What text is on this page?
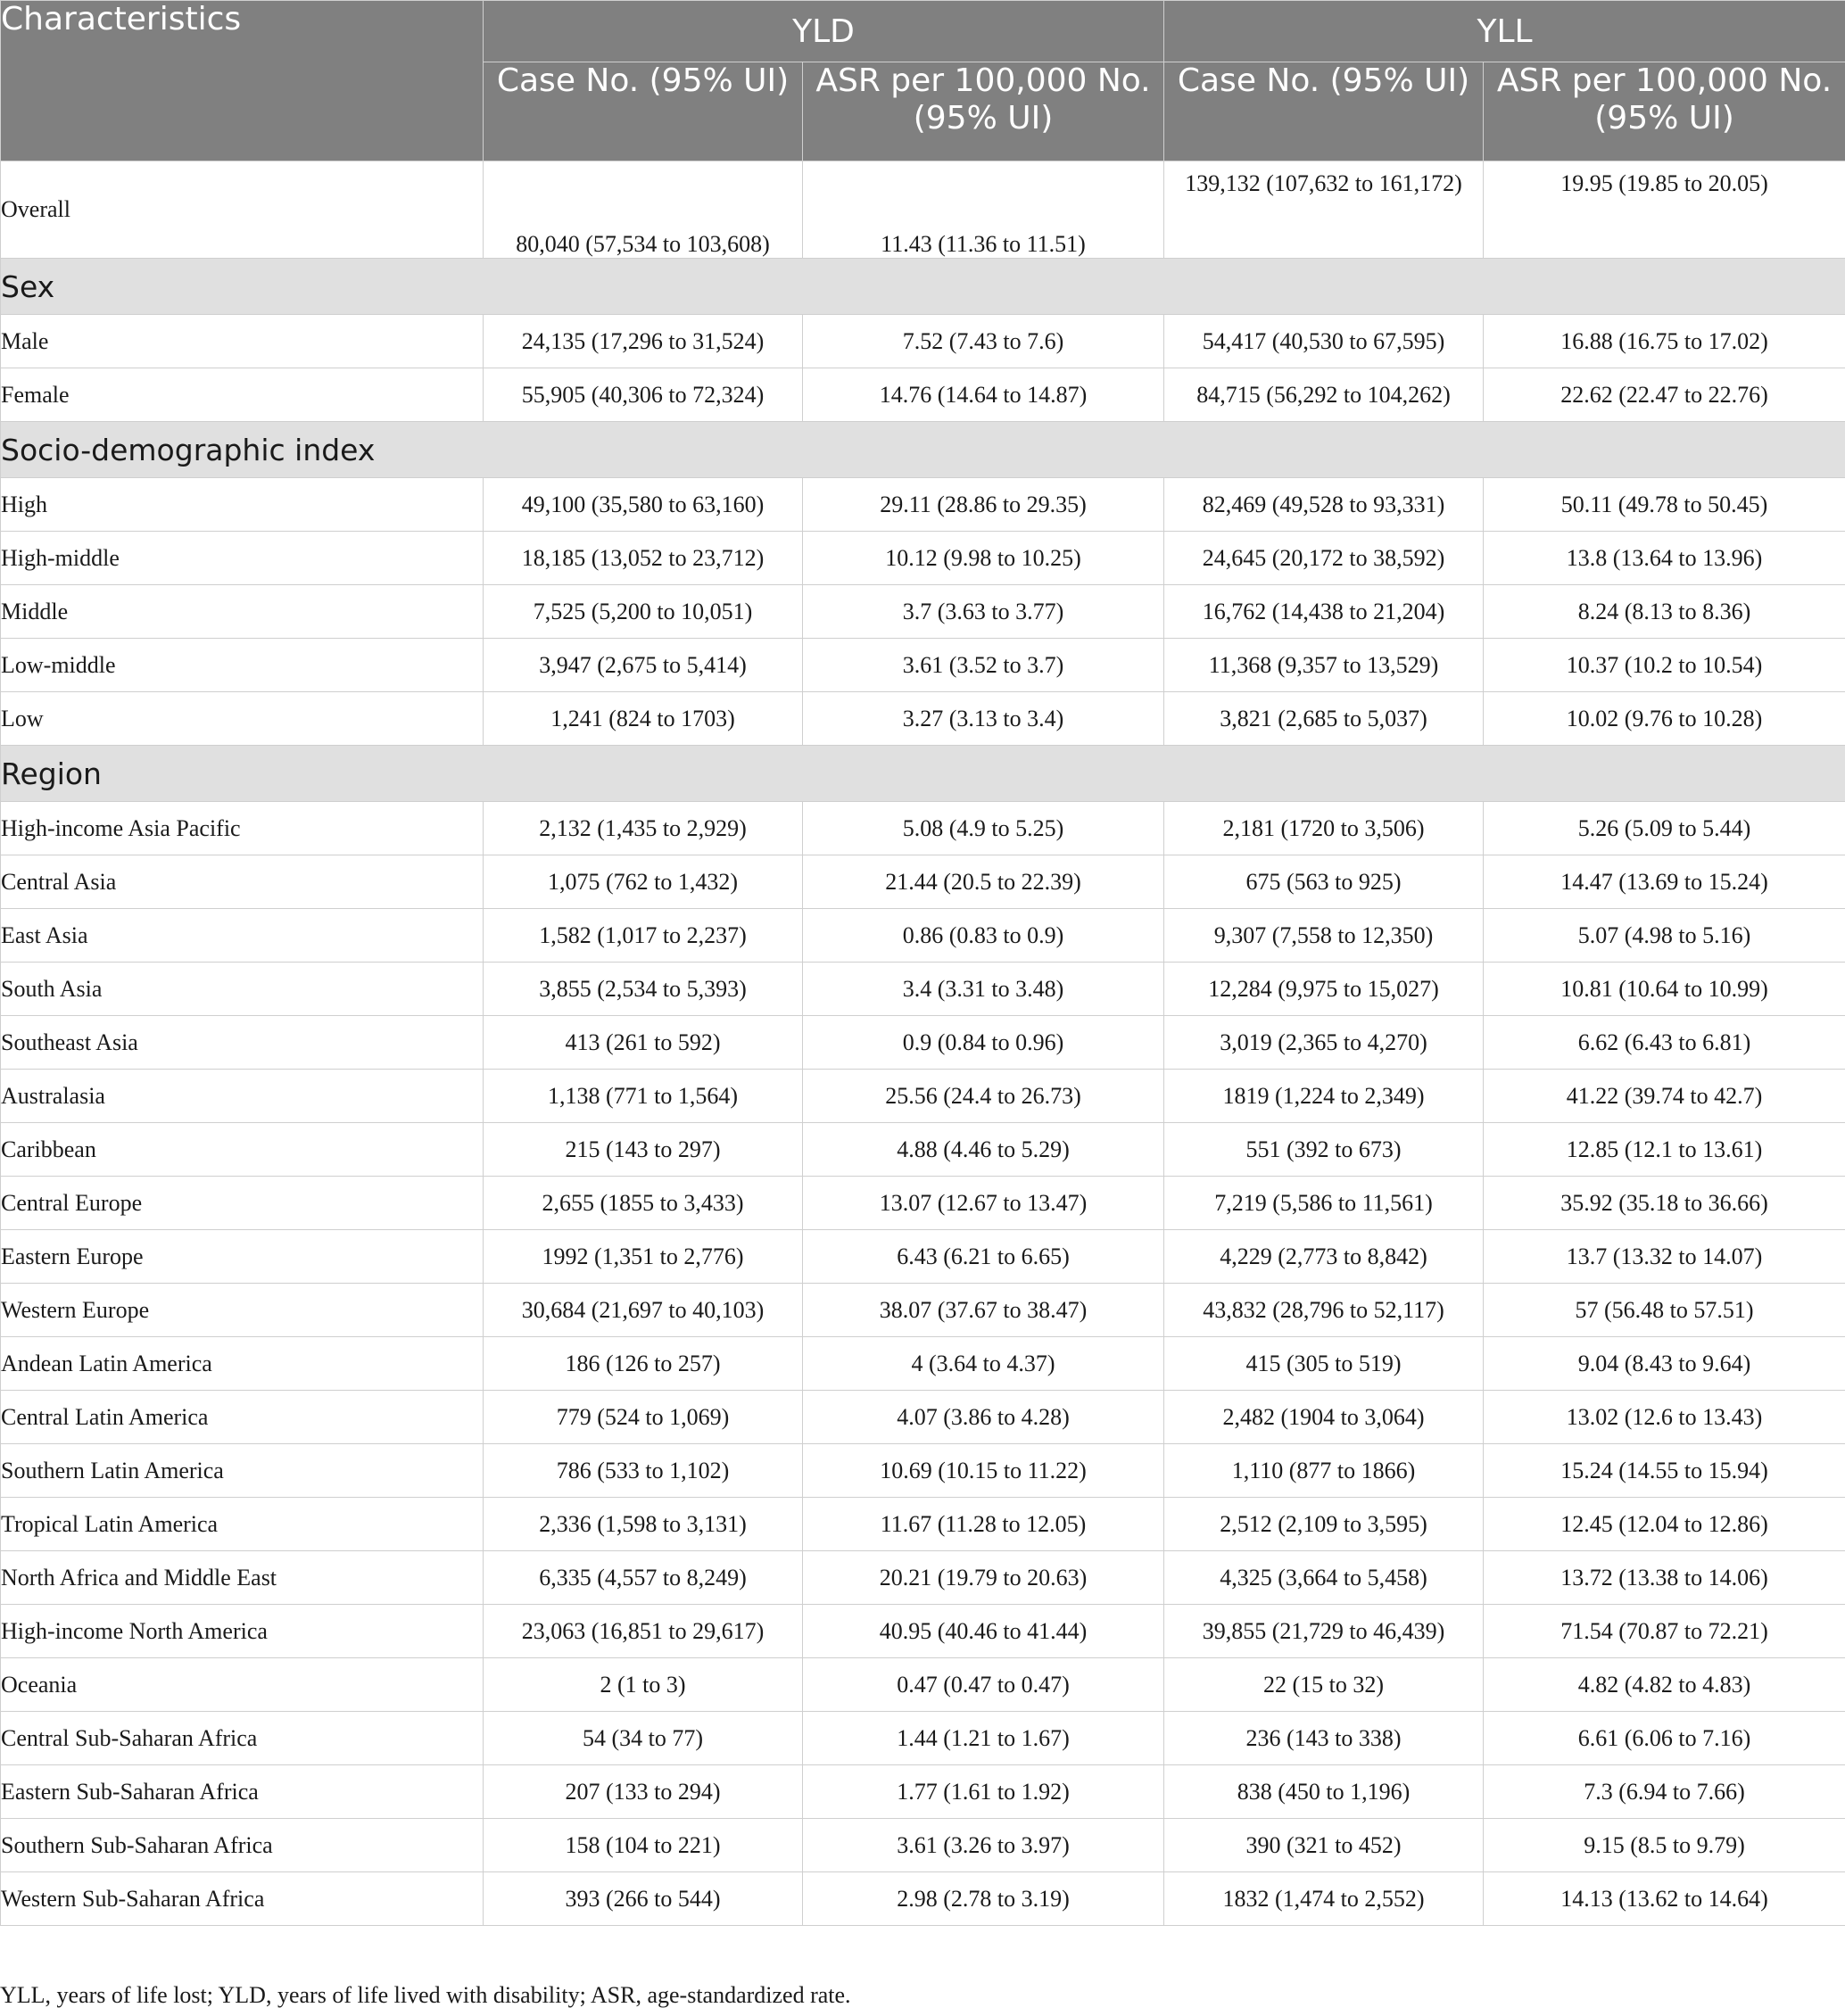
Characteristics	YLD		YLL	
	Case No. (95% UI)	ASR per 100,000 No. (95% UI)	Case No. (95% UI)	ASR per 100,000 No. (95% UI)
Overall	80,040 (57,534 to 103,608)	11.43 (11.36 to 11.51)	139,132 (107,632 to 161,172)	19.95 (19.85 to 20.05)
Sex				
Male	24,135 (17,296 to 31,524)	7.52 (7.43 to 7.6)	54,417 (40,530 to 67,595)	16.88 (16.75 to 17.02)
Female	55,905 (40,306 to 72,324)	14.76 (14.64 to 14.87)	84,715 (56,292 to 104,262)	22.62 (22.47 to 22.76)
Socio-demographic index				
High	49,100 (35,580 to 63,160)	29.11 (28.86 to 29.35)	82,469 (49,528 to 93,331)	50.11 (49.78 to 50.45)
High-middle	18,185 (13,052 to 23,712)	10.12 (9.98 to 10.25)	24,645 (20,172 to 38,592)	13.8 (13.64 to 13.96)
Middle	7,525 (5,200 to 10,051)	3.7 (3.63 to 3.77)	16,762 (14,438 to 21,204)	8.24 (8.13 to 8.36)
Low-middle	3,947 (2,675 to 5,414)	3.61 (3.52 to 3.7)	11,368 (9,357 to 13,529)	10.37 (10.2 to 10.54)
Low	1,241 (824 to 1703)	3.27 (3.13 to 3.4)	3,821 (2,685 to 5,037)	10.02 (9.76 to 10.28)
Region				
High-income Asia Pacific	2,132 (1,435 to 2,929)	5.08 (4.9 to 5.25)	2,181 (1720 to 3,506)	5.26 (5.09 to 5.44)
Central Asia	1,075 (762 to 1,432)	21.44 (20.5 to 22.39)	675 (563 to 925)	14.47 (13.69 to 15.24)
East Asia	1,582 (1,017 to 2,237)	0.86 (0.83 to 0.9)	9,307 (7,558 to 12,350)	5.07 (4.98 to 5.16)
South Asia	3,855 (2,534 to 5,393)	3.4 (3.31 to 3.48)	12,284 (9,975 to 15,027)	10.81 (10.64 to 10.99)
Southeast Asia	413 (261 to 592)	0.9 (0.84 to 0.96)	3,019 (2,365 to 4,270)	6.62 (6.43 to 6.81)
Australasia	1,138 (771 to 1,564)	25.56 (24.4 to 26.73)	1819 (1,224 to 2,349)	41.22 (39.74 to 42.7)
Caribbean	215 (143 to 297)	4.88 (4.46 to 5.29)	551 (392 to 673)	12.85 (12.1 to 13.61)
Central Europe	2,655 (1855 to 3,433)	13.07 (12.67 to 13.47)	7,219 (5,586 to 11,561)	35.92 (35.18 to 36.66)
Eastern Europe	1992 (1,351 to 2,776)	6.43 (6.21 to 6.65)	4,229 (2,773 to 8,842)	13.7 (13.32 to 14.07)
Western Europe	30,684 (21,697 to 40,103)	38.07 (37.67 to 38.47)	43,832 (28,796 to 52,117)	57 (56.48 to 57.51)
Andean Latin America	186 (126 to 257)	4 (3.64 to 4.37)	415 (305 to 519)	9.04 (8.43 to 9.64)
Central Latin America	779 (524 to 1,069)	4.07 (3.86 to 4.28)	2,482 (1904 to 3,064)	13.02 (12.6 to 13.43)
Southern Latin America	786 (533 to 1,102)	10.69 (10.15 to 11.22)	1,110 (877 to 1866)	15.24 (14.55 to 15.94)
Tropical Latin America	2,336 (1,598 to 3,131)	11.67 (11.28 to 12.05)	2,512 (2,109 to 3,595)	12.45 (12.04 to 12.86)
North Africa and Middle East	6,335 (4,557 to 8,249)	20.21 (19.79 to 20.63)	4,325 (3,664 to 5,458)	13.72 (13.38 to 14.06)
High-income North America	23,063 (16,851 to 29,617)	40.95 (40.46 to 41.44)	39,855 (21,729 to 46,439)	71.54 (70.87 to 72.21)
Oceania	2 (1 to 3)	0.47 (0.47 to 0.47)	22 (15 to 32)	4.82 (4.82 to 4.83)
Central Sub-Saharan Africa	54 (34 to 77)	1.44 (1.21 to 1.67)	236 (143 to 338)	6.61 (6.06 to 7.16)
Eastern Sub-Saharan Africa	207 (133 to 294)	1.77 (1.61 to 1.92)	838 (450 to 1,196)	7.3 (6.94 to 7.66)
Southern Sub-Saharan Africa	158 (104 to 221)	3.61 (3.26 to 3.97)	390 (321 to 452)	9.15 (8.5 to 9.79)
Western Sub-Saharan Africa	393 (266 to 544)	2.98 (2.78 to 3.19)	1832 (1,474 to 2,552)	14.13 (13.62 to 14.64)
YLL, years of life lost; YLD, years of life lived with disability; ASR, age-standardized rate.
